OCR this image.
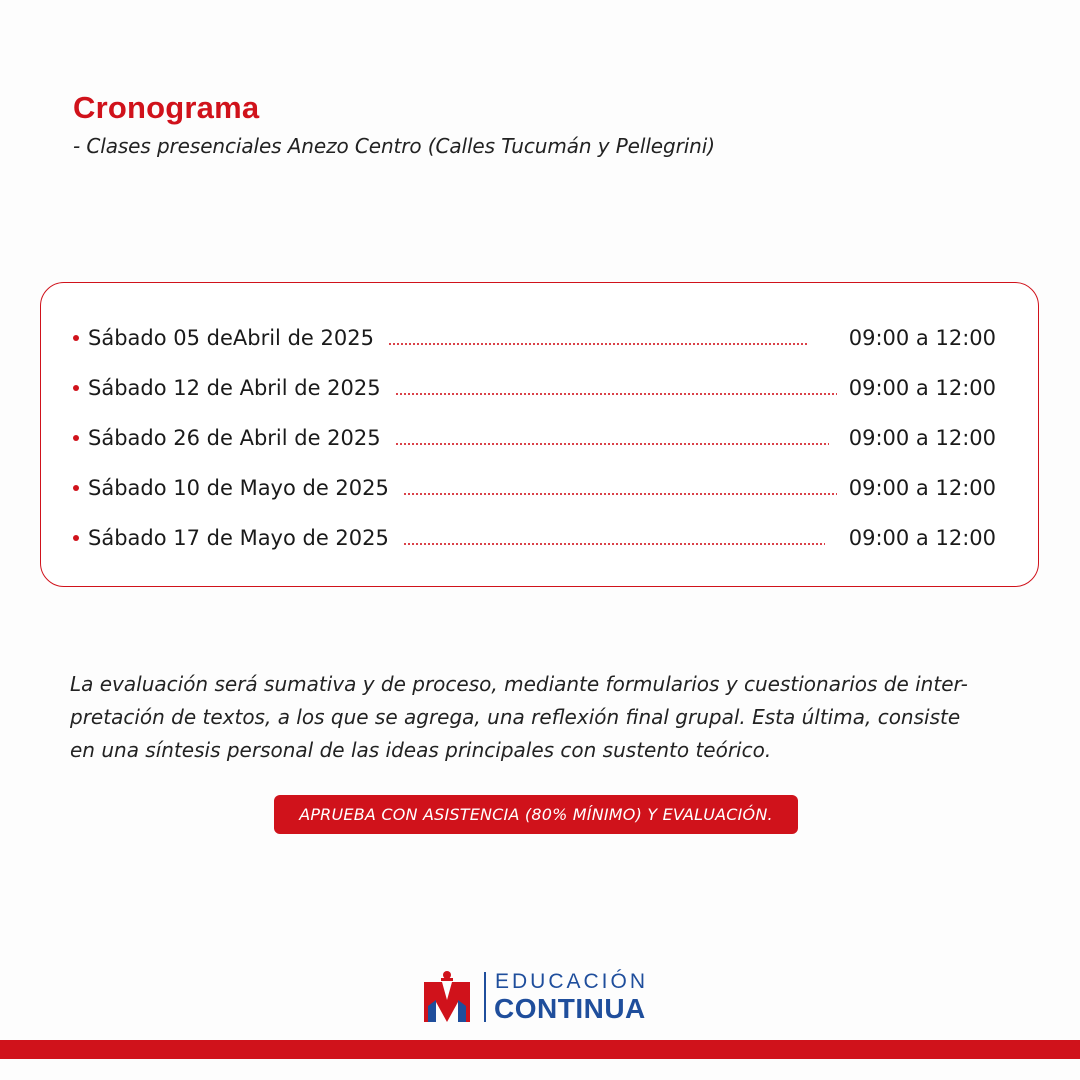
Cronograma
- Clases presenciales Anezo Centro (Calles Tucumán y Pellegrini)
Sábado 05 deAbril de 2025	09:00 a 12:00
Sábado 12 de Abril de 2025	09:00 a 12:00
Sábado 26 de Abril de 2025	09:00 a 12:00
Sábado 10 de Mayo de 2025	09:00 a 12:00
Sábado 17 de Mayo de 2025	09:00 a 12:00
La evaluación será sumativa y de proceso, mediante formularios y cuestionarios de inter-
pretación de textos, a los que se agrega, una reflexión final grupal. Esta última, consiste
en una síntesis personal de las ideas principales con sustento teórico.
APRUEBA CON ASISTENCIA (80% MÍNIMO) Y EVALUACIÓN.
EDUCACIÓN
CONTINUA
